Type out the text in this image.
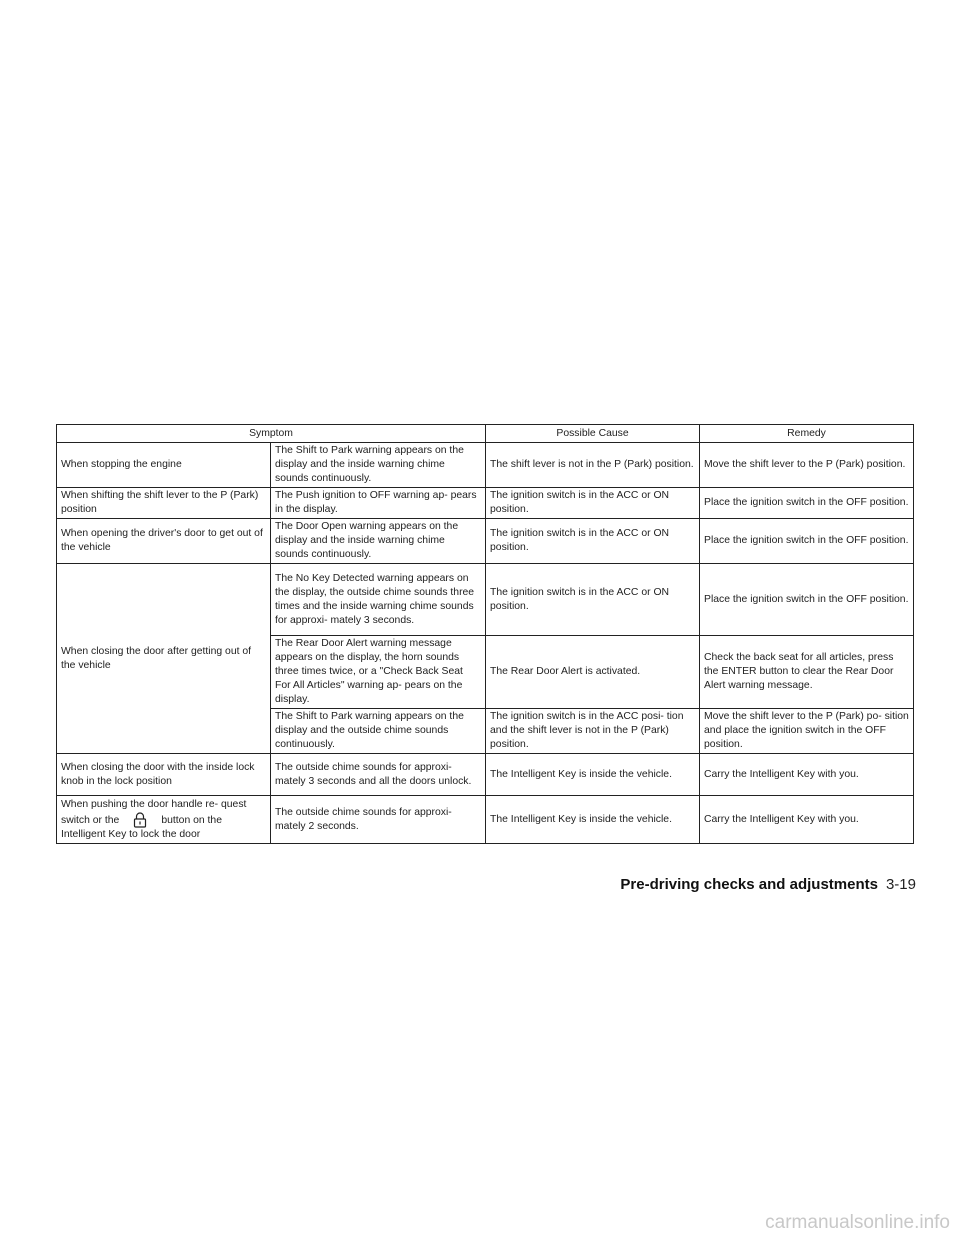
Symptom		Possible Cause	Remedy
When stopping the engine	The Shift to Park warning appears on the display and the inside warning chime sounds continuously.	The shift lever is not in the P (Park) position.	Move the shift lever to the P (Park) position.
When shifting the shift lever to the P (Park) position	The Push ignition to OFF warning ap- pears in the display.	The ignition switch is in the ACC or ON position.	Place the ignition switch in the OFF position.
When opening the driver's door to get out of the vehicle	The Door Open warning appears on the display and the inside warning chime sounds continuously.	The ignition switch is in the ACC or ON position.	Place the ignition switch in the OFF position.
When closing the door after getting out of the vehicle	The No Key Detected warning appears on the display, the outside chime sounds three times and the inside warning chime sounds for approxi- mately 3 seconds.	The ignition switch is in the ACC or ON position.	Place the ignition switch in the OFF position.
	The Rear Door Alert warning message appears on the display, the horn sounds three times twice, or a "Check Back Seat For All Articles" warning ap- pears on the display.	The Rear Door Alert is activated.	Check the back seat for all articles, press the ENTER button to clear the Rear Door Alert warning message.
	The Shift to Park warning appears on the display and the outside chime sounds continuously.	The ignition switch is in the ACC posi- tion and the shift lever is not in the P (Park) position.	Move the shift lever to the P (Park) po- sition and place the ignition switch in the OFF position.
When closing the door with the inside lock knob in the lock position	The outside chime sounds for approxi- mately 3 seconds and all the doors unlock.	The Intelligent Key is inside the vehicle.	Carry the Intelligent Key with you.
When pushing the door handle re- quest switch or the button on the Intelligent Key to lock the door	The outside chime sounds for approxi- mately 2 seconds.	The Intelligent Key is inside the vehicle.	Carry the Intelligent Key with you.
Pre-driving checks and adjustments 3-19
carmanualsonline.info
